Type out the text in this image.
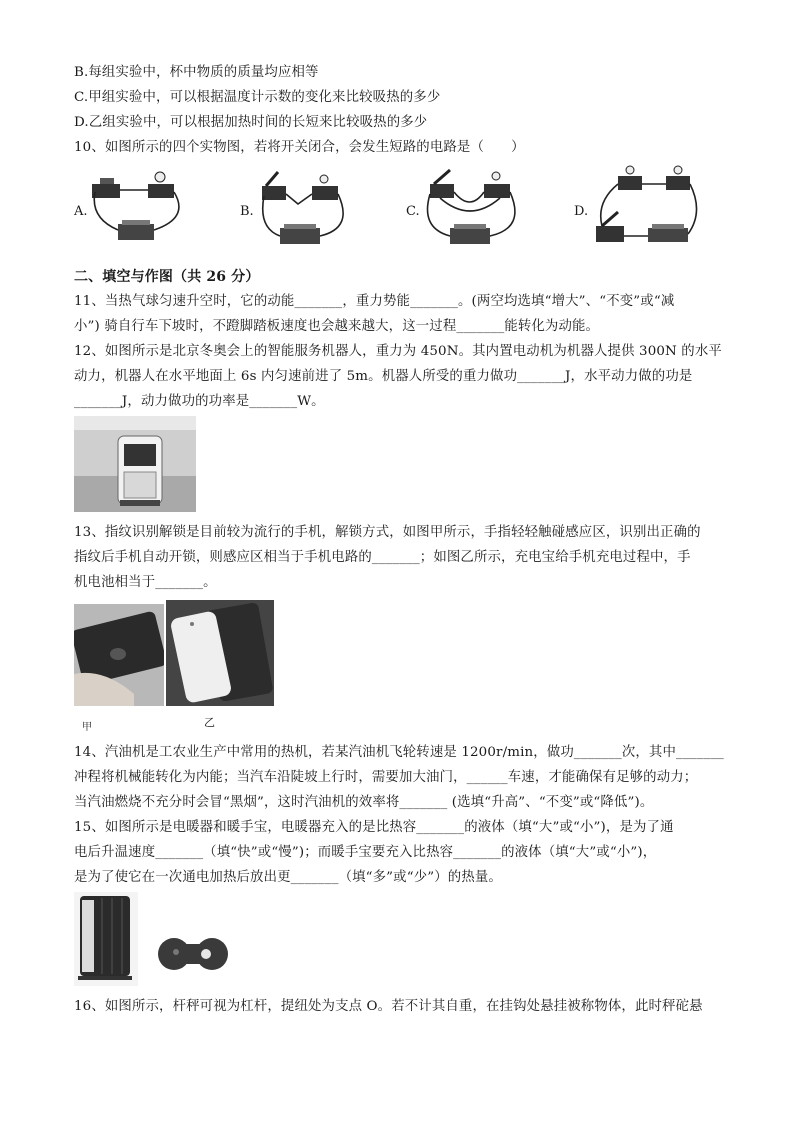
B.每组实验中，杯中物质的质量均应相等
C.甲组实验中，可以根据温度计示数的变化来比较吸热的多少
D.乙组实验中，可以根据加热时间的长短来比较吸热的多少
10、如图所示的四个实物图，若将开关闭合，会发生短路的电路是（　　）
A.	B.	C.	D.
二、填空与作图（共 26 分）
11、当热气球匀速升空时，它的动能_______，重力势能_______。(两空均选填“增大”、“不变”或“减
小”) 骑自行车下坡时，不蹬脚踏板速度也会越来越大，这一过程_______能转化为动能。
12、如图所示是北京冬奥会上的智能服务机器人，重力为 450N。其内置电动机为机器人提供 300N 的水平
动力，机器人在水平地面上 6s 内匀速前进了 5m。机器人所受的重力做功_______J，水平动力做的功是
_______J，动力做功的功率是_______W。
13、指纹识别解锁是目前较为流行的手机，解锁方式，如图甲所示，手指轻轻触碰感应区，识别出正确的
指纹后手机自动开锁，则感应区相当于手机电路的_______；如图乙所示，充电宝给手机充电过程中，手
机电池相当于_______。
甲	乙
14、汽油机是工农业生产中常用的热机，若某汽油机飞轮转速是 1200r/min，做功_______次，其中_______
冲程将机械能转化为内能；当汽车沿陡坡上行时，需要加大油门，______车速，才能确保有足够的动力；
当汽油燃烧不充分时会冒“黑烟”，这时汽油机的效率将_______ (选填“升高”、“不变”或“降低”)。
15、如图所示是电暖器和暖手宝，电暖器充入的是比热容_______的液体（填“大”或“小”)，是为了通
电后升温速度_______（填“快”或“慢”)；而暖手宝要充入比热容_______的液体（填“大”或“小”)，
是为了使它在一次通电加热后放出更_______（填“多”或“少”）的热量。
16、如图所示，杆秤可视为杠杆，提纽处为支点 O。若不计其自重，在挂钩处悬挂被称物体，此时秤砣悬
